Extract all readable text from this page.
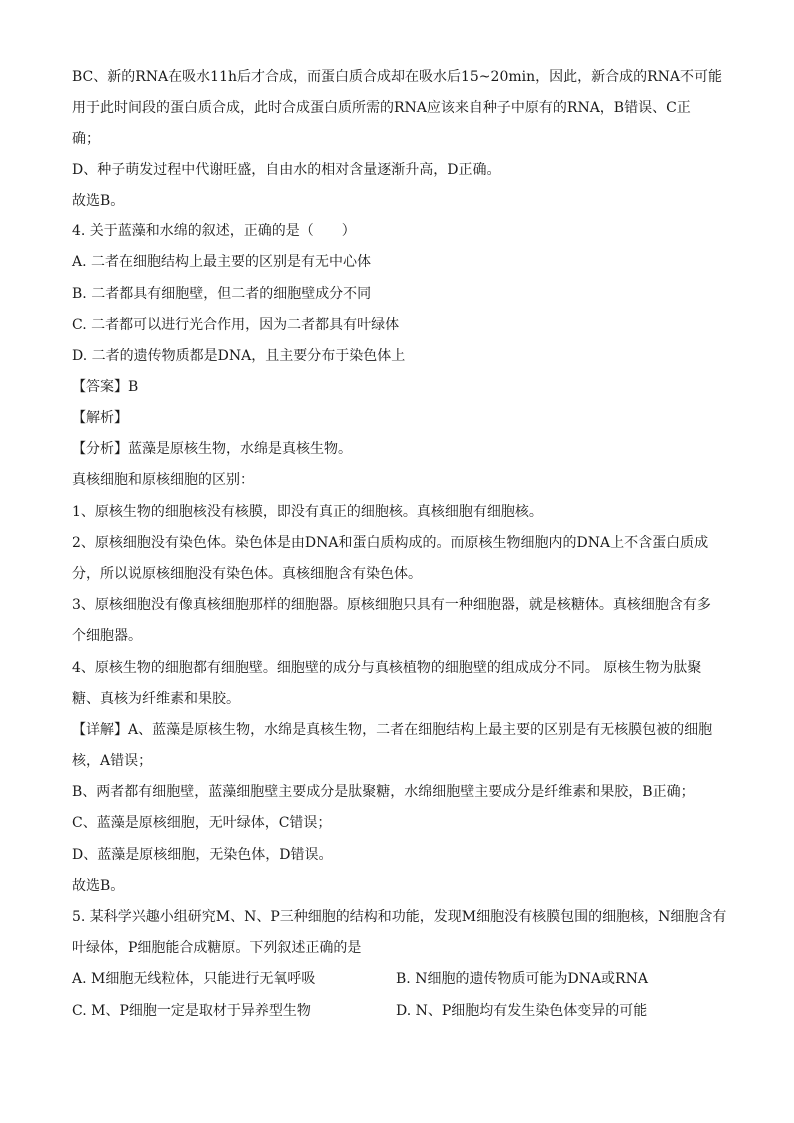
BC、新的RNA在吸水11h后才合成，而蛋白质合成却在吸水后15~20min，因此，新合成的RNA不可能
用于此时间段的蛋白质合成，此时合成蛋白质所需的RNA应该来自种子中原有的RNA，B错误、C正
确；
D、种子萌发过程中代谢旺盛，自由水的相对含量逐渐升高，D正确。
故选B。
4. 关于蓝藻和水绵的叙述，正确的是（　　）
A. 二者在细胞结构上最主要的区别是有无中心体
B. 二者都具有细胞壁，但二者的细胞壁成分不同
C. 二者都可以进行光合作用，因为二者都具有叶绿体
D. 二者的遗传物质都是DNA，且主要分布于染色体上
【答案】B
【解析】
【分析】蓝藻是原核生物，水绵是真核生物。
真核细胞和原核细胞的区别：
1、原核生物的细胞核没有核膜，即没有真正的细胞核。真核细胞有细胞核。
2、原核细胞没有染色体。染色体是由DNA和蛋白质构成的。而原核生物细胞内的DNA上不含蛋白质成
分，所以说原核细胞没有染色体。真核细胞含有染色体。
3、原核细胞没有像真核细胞那样的细胞器。原核细胞只具有一种细胞器，就是核糖体。真核细胞含有多
个细胞器。
4、原核生物的细胞都有细胞壁。细胞壁的成分与真核植物的细胞壁的组成成分不同。 原核生物为肽聚
糖、真核为纤维素和果胶。
【详解】A、蓝藻是原核生物，水绵是真核生物，二者在细胞结构上最主要的区别是有无核膜包被的细胞
核，A错误；
B、两者都有细胞壁，蓝藻细胞壁主要成分是肽聚糖，水绵细胞壁主要成分是纤维素和果胶，B正确；
C、蓝藻是原核细胞，无叶绿体，C错误；
D、蓝藻是原核细胞，无染色体，D错误。
故选B。
5. 某科学兴趣小组研究M、N、P三种细胞的结构和功能，发现M细胞没有核膜包围的细胞核，N细胞含有
叶绿体，P细胞能合成糖原。下列叙述正确的是
A. M细胞无线粒体，只能进行无氧呼吸	B. N细胞的遗传物质可能为DNA或RNA
C. M、P细胞一定是取材于异养型生物	D. N、P细胞均有发生染色体变异的可能
